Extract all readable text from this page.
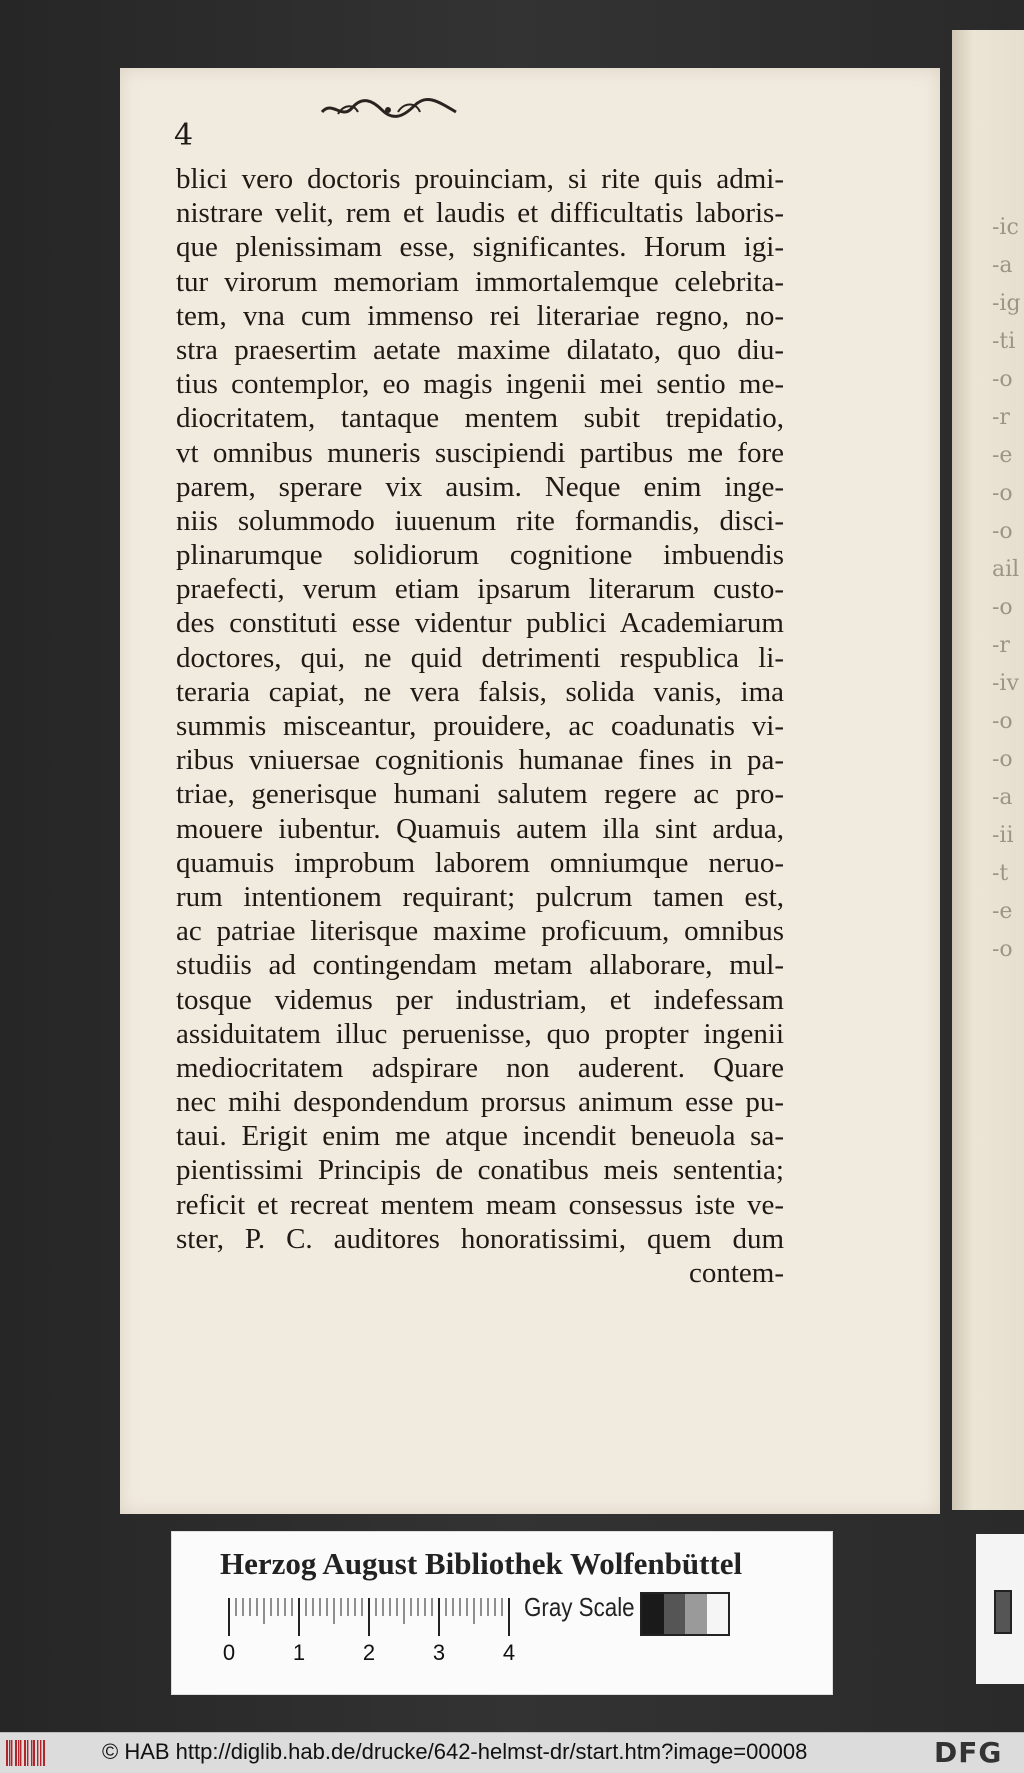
-ic
-a
-ig
-ti
-o
-r
-e
-o
-o
ail
-o
-r
-iv
-o
-o
-a
-ii
-t
-e
-o
4
blici vero doctoris prouinciam, si rite quis admi-
nistrare velit, rem et laudis et difficultatis laboris-
que plenissimam esse, significantes. Horum igi-
tur virorum memoriam immortalemque celebrita-
tem, vna cum immenso rei literariae regno, no-
stra praesertim aetate maxime dilatato, quo diu-
tius contemplor, eo magis ingenii mei sentio me-
diocritatem, tantaque mentem subit trepidatio,
vt omnibus muneris suscipiendi partibus me fore
parem, sperare vix ausim. Neque enim inge-
niis solummodo iuuenum rite formandis, disci-
plinarumque solidiorum cognitione imbuendis
praefecti, verum etiam ipsarum literarum custo-
des constituti esse videntur publici Academiarum
doctores, qui, ne quid detrimenti respublica li-
teraria capiat, ne vera falsis, solida vanis, ima
summis misceantur, prouidere, ac coadunatis vi-
ribus vniuersae cognitionis humanae fines in pa-
triae, generisque humani salutem regere ac pro-
mouere iubentur. Quamuis autem illa sint ardua,
quamuis improbum laborem omniumque neruo-
rum intentionem requirant; pulcrum tamen est,
ac patriae literisque maxime proficuum, omnibus
studiis ad contingendam metam allaborare, mul-
tosque videmus per industriam, et indefessam
assiduitatem illuc peruenisse, quo propter ingenii
mediocritatem adspirare non auderent. Quare
nec mihi despondendum prorsus animum esse pu-
taui. Erigit enim me atque incendit beneuola sa-
pientissimi Principis de conatibus meis sententia;
reficit et recreat mentem meam consessus iste ve-
ster, P. C. auditores honoratissimi, quem dum
contem-
Herzog August Bibliothek Wolfenbüttel
0	1	2	3	4
Gray Scale
© HAB http://diglib.hab.de/drucke/642-helmst-dr/start.htm?image=00008	DFG
